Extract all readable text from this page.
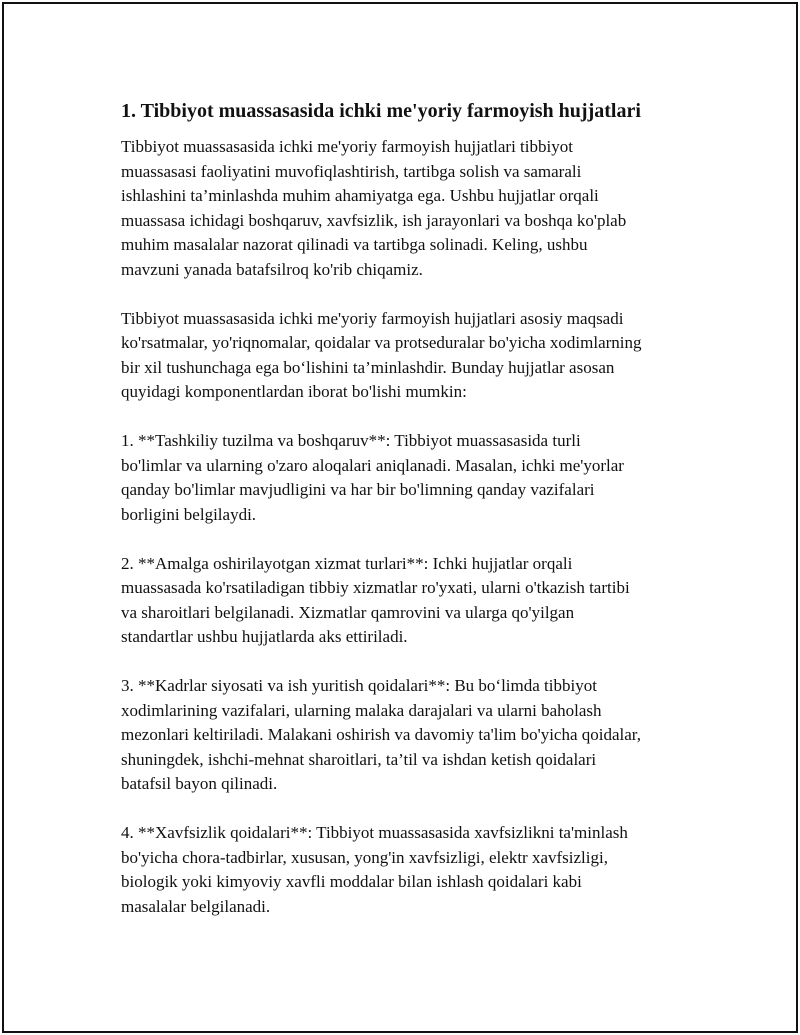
1. Tibbiyot muassasasida ichki me'yoriy farmoyish hujjatlari

Tibbiyot muassasasida ichki me'yoriy farmoyish hujjatlari tibbiyot
muassasasi faoliyatini muvofiqlashtirish, tartibga solish va samarali
ishlashini ta’minlashda muhim ahamiyatga ega. Ushbu hujjatlar orqali
muassasa ichidagi boshqaruv, xavfsizlik, ish jarayonlari va boshqa ko'plab
muhim masalalar nazorat qilinadi va tartibga solinadi. Keling, ushbu
mavzuni yanada batafsilroq ko'rib chiqamiz.

Tibbiyot muassasasida ichki me'yoriy farmoyish hujjatlari asosiy maqsadi
ko'rsatmalar, yo'riqnomalar, qoidalar va protseduralar bo'yicha xodimlarning
bir xil tushunchaga ega bo‘lishini ta’minlashdir. Bunday hujjatlar asosan
quyidagi komponentlardan iborat bo'lishi mumkin:

1. **Tashkiliy tuzilma va boshqaruv**: Tibbiyot muassasasida turli
bo'limlar va ularning o'zaro aloqalari aniqlanadi. Masalan, ichki me'yorlar
qanday bo'limlar mavjudligini va har bir bo'limning qanday vazifalari
borligini belgilaydi.

2. **Amalga oshirilayotgan xizmat turlari**: Ichki hujjatlar orqali
muassasada ko'rsatiladigan tibbiy xizmatlar ro'yxati, ularni o'tkazish tartibi
va sharoitlari belgilanadi. Xizmatlar qamrovini va ularga qo'yilgan
standartlar ushbu hujjatlarda aks ettiriladi.

3. **Kadrlar siyosati va ish yuritish qoidalari**: Bu bo‘limda tibbiyot
xodimlarining vazifalari, ularning malaka darajalari va ularni baholash
mezonlari keltiriladi. Malakani oshirish va davomiy ta'lim bo'yicha qoidalar,
shuningdek, ishchi-mehnat sharoitlari, ta’til va ishdan ketish qoidalari
batafsil bayon qilinadi.

4. **Xavfsizlik qoidalari**: Tibbiyot muassasasida xavfsizlikni ta'minlash
bo'yicha chora-tadbirlar, xususan, yong'in xavfsizligi, elektr xavfsizligi,
biologik yoki kimyoviy xavfli moddalar bilan ishlash qoidalari kabi
masalalar belgilanadi.
